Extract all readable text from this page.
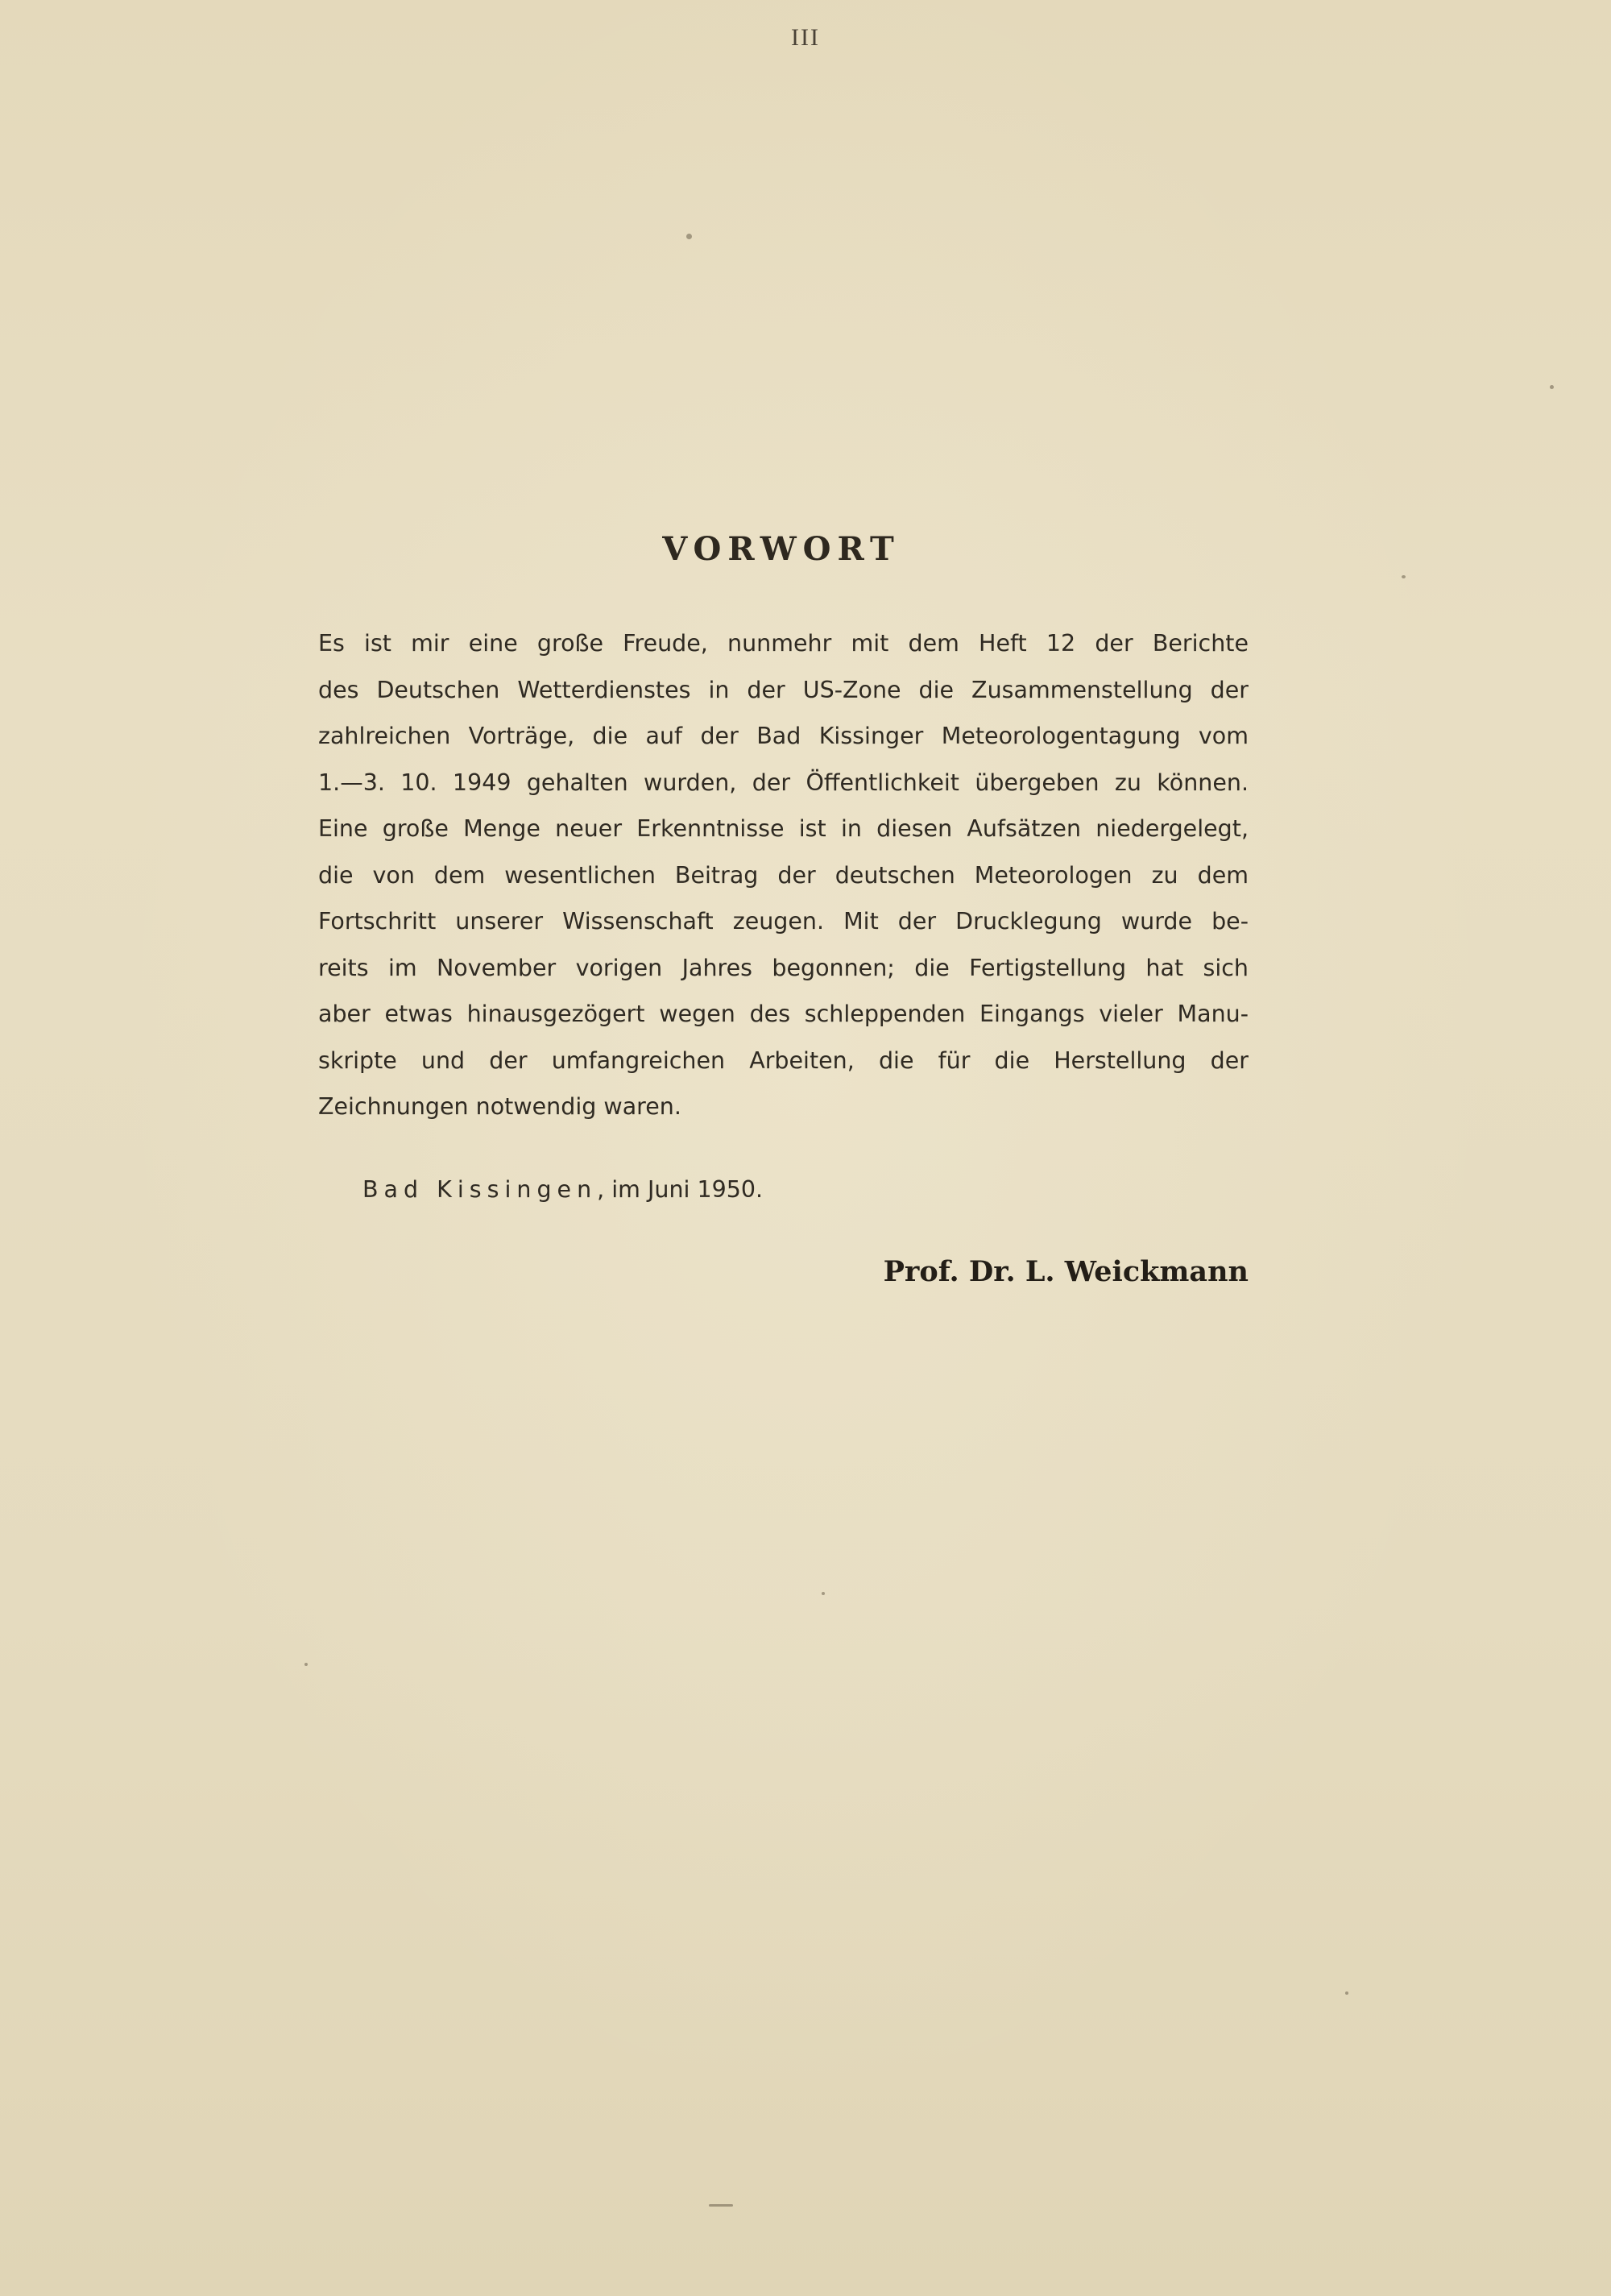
III
VORWORT
Es ist mir eine große Freude, nunmehr mit dem Heft 12 der Berichte
des Deutschen Wetterdienstes in der US-Zone die Zusammenstellung der
zahlreichen Vorträge, die auf der Bad Kissinger Meteorologentagung vom
1.—3. 10. 1949 gehalten wurden, der Öffentlichkeit übergeben zu können.
Eine große Menge neuer Erkenntnisse ist in diesen Aufsätzen niedergelegt,
die von dem wesentlichen Beitrag der deutschen Meteorologen zu dem
Fortschritt unserer Wissenschaft zeugen. Mit der Drucklegung wurde be-
reits im November vorigen Jahres begonnen; die Fertigstellung hat sich
aber etwas hinausgezögert wegen des schleppenden Eingangs vieler Manu-
skripte und der umfangreichen Arbeiten, die für die Herstellung der
Zeichnungen notwendig waren.
Bad Kissingen, im Juni 1950.
Prof. Dr. L. Weickmann
